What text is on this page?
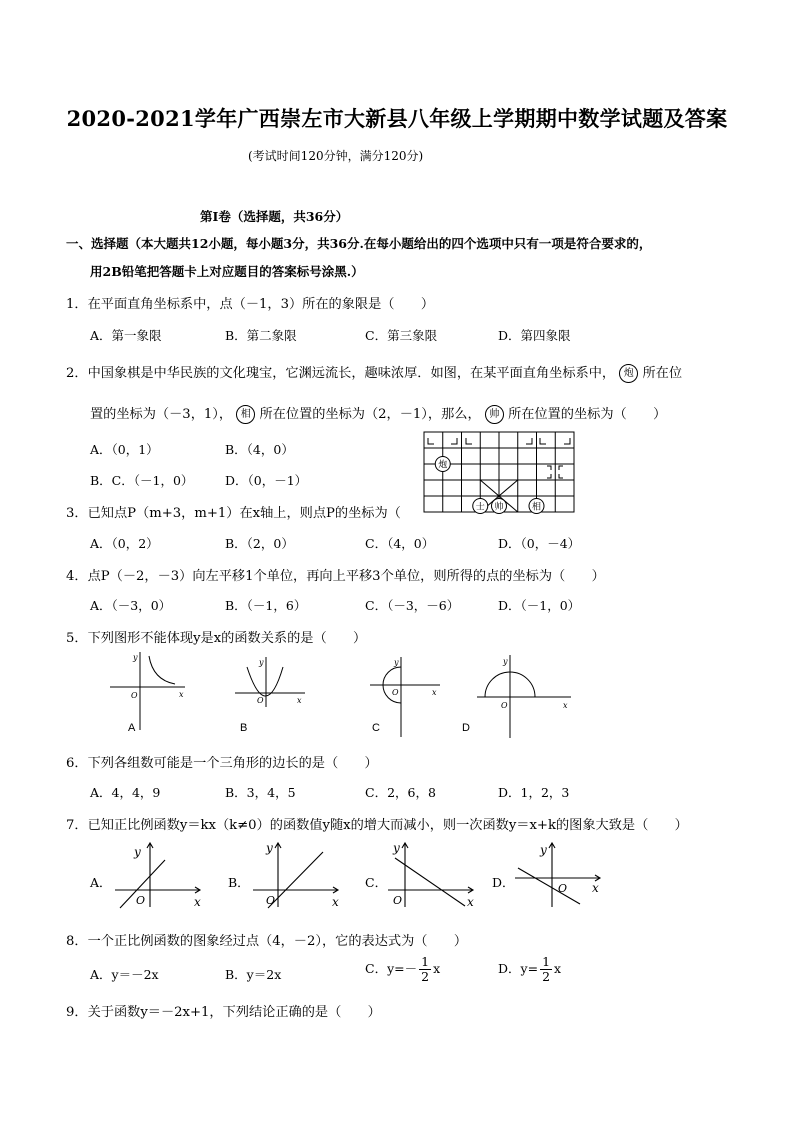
2020-2021学年广西崇左市大新县八年级上学期期中数学试题及答案
(考试时间120分钟，满分120分)
第Ⅰ卷（选择题，共36分）
一、选择题（本大题共12小题，每小题3分，共36分.在每小题给出的四个选项中只有一项是符合要求的，
用2B铅笔把答题卡上对应题目的答案标号涂黑.）
1．在平面直角坐标系中，点（－1，3）所在的象限是（　　）
A．第一象限	B．第二象限	C．第三象限	D．第四象限
2．中国象棋是中华民族的文化瑰宝，它渊远流长，趣味浓厚．如图，在某平面直角坐标系中， 炮 所在位
置的坐标为（－3，1）， 相 所在位置的坐标为（2，－1），那么， 帅 所在位置的坐标为（　　）
A．（0，1）	B．（4，0）
B．C．（－1，0）	D．（0，－1）
炮
士 帅	相
3．已知点P（m+3，m+1）在x轴上，则点P的坐标为（
A．（0，2）	B．（2，0）	C．（4，0）	D．（0，－4）
4．点P（－2，－3）向左平移1个单位，再向上平移3个单位，则所得的点的坐标为（　　）
A．（－3，0）	B．（－1，6）	C．（－3，－6）	D．（－1，0）
5．下列图形不能体现y是x的函数关系的是（　　）
y
x
O
A
y
x
O
B
y
x
O
C
y
x
O
D
6．下列各组数可能是一个三角形的边长的是（　　）
A．4，4，9	B．3，4，5	C．2，6，8	D．1，2，3
7．已知正比例函数y＝kx（k≠0）的函数值y随x的增大而减小，则一次函数y＝x+k的图象大致是（　　）
A．
y
x
O
B．
y
x
O
C．
y
x
O
D．
y
x
O
8．一个正比例函数的图象经过点（4，－2），它的表达式为（　　）
A．y＝－2x	B．y＝2x	C．$y=- \frac{1}{2}$ x	D．$y= \frac{1}{2}$ x
9．关于函数y＝－2x+1，下列结论正确的是（　　）
